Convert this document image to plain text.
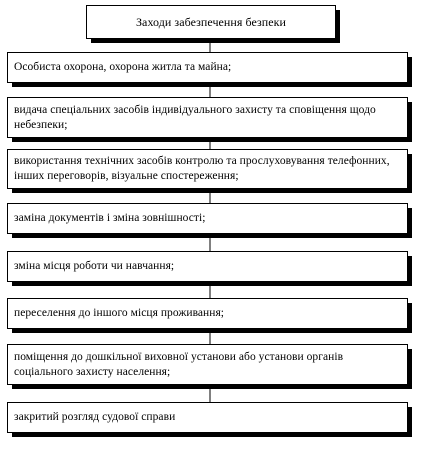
Заходи забезпечення безпеки
Особиста охорона, охорона житла та майна;
видача спеціальних засобів індивідуального захисту та сповіщення щодо небезпеки;
використання технічних засобів контролю та прослуховування телефонних, інших переговорів, візуальне спостереження;
заміна документів і зміна зовнішності;
зміна місця роботи чи навчання;
переселення до іншого місця проживання;
поміщення до дошкільної виховної установи або установи органів соціального захисту населення;
закритий розгляд судової справи
